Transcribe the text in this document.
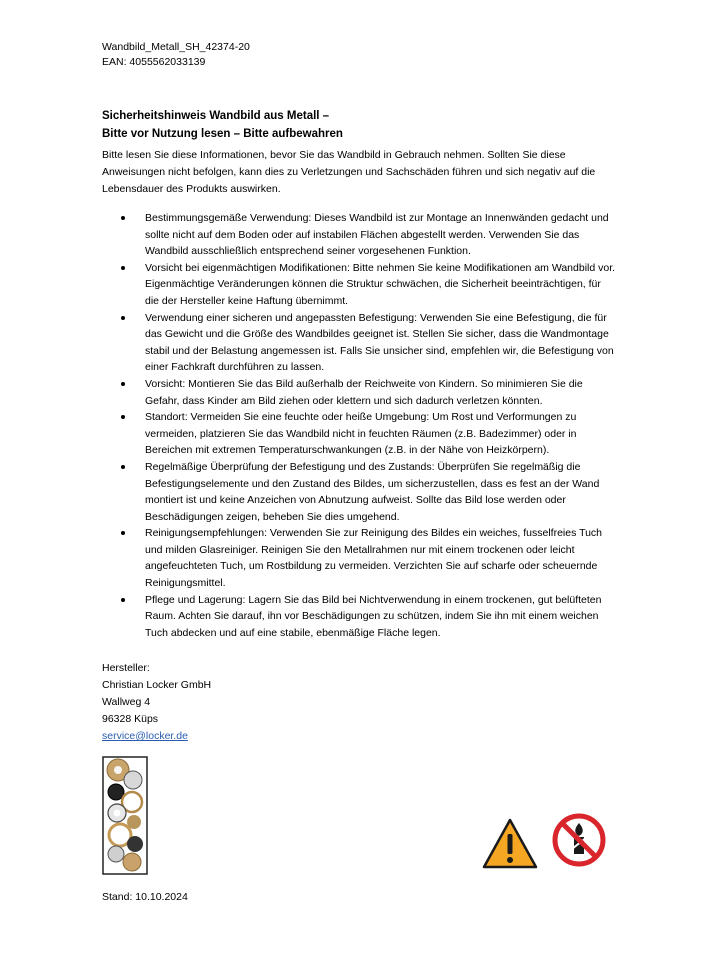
Wandbild_Metall_SH_42374-20
EAN: 4055562033139
Sicherheitshinweis Wandbild aus Metall –
Bitte vor Nutzung lesen – Bitte aufbewahren
Bitte lesen Sie diese Informationen, bevor Sie das Wandbild in Gebrauch nehmen. Sollten Sie diese Anweisungen nicht befolgen, kann dies zu Verletzungen und Sachschäden führen und sich negativ auf die Lebensdauer des Produkts auswirken.
Bestimmungsgemäße Verwendung: Dieses Wandbild ist zur Montage an Innenwänden gedacht und sollte nicht auf dem Boden oder auf instabilen Flächen abgestellt werden. Verwenden Sie das Wandbild ausschließlich entsprechend seiner vorgesehenen Funktion.
Vorsicht bei eigenmächtigen Modifikationen: Bitte nehmen Sie keine Modifikationen am Wandbild vor. Eigenmächtige Veränderungen können die Struktur schwächen, die Sicherheit beeinträchtigen, für die der Hersteller keine Haftung übernimmt.
Verwendung einer sicheren und angepassten Befestigung: Verwenden Sie eine Befestigung, die für das Gewicht und die Größe des Wandbildes geeignet ist. Stellen Sie sicher, dass die Wandmontage stabil und der Belastung angemessen ist. Falls Sie unsicher sind, empfehlen wir, die Befestigung von einer Fachkraft durchführen zu lassen.
Vorsicht: Montieren Sie das Bild außerhalb der Reichweite von Kindern. So minimieren Sie die Gefahr, dass Kinder am Bild ziehen oder klettern und sich dadurch verletzen könnten.
Standort: Vermeiden Sie eine feuchte oder heiße Umgebung: Um Rost und Verformungen zu vermeiden, platzieren Sie das Wandbild nicht in feuchten Räumen (z.B. Badezimmer) oder in Bereichen mit extremen Temperaturschwankungen (z.B. in der Nähe von Heizkörpern).
Regelmäßige Überprüfung der Befestigung und des Zustands: Überprüfen Sie regelmäßig die Befestigungselemente und den Zustand des Bildes, um sicherzustellen, dass es fest an der Wand montiert ist und keine Anzeichen von Abnutzung aufweist. Sollte das Bild lose werden oder Beschädigungen zeigen, beheben Sie dies umgehend.
Reinigungsempfehlungen: Verwenden Sie zur Reinigung des Bildes ein weiches, fusselfreies Tuch und milden Glasreiniger. Reinigen Sie den Metallrahmen nur mit einem trockenen oder leicht angefeuchteten Tuch, um Rostbildung zu vermeiden. Verzichten Sie auf scharfe oder scheuernde Reinigungsmittel.
Pflege und Lagerung: Lagern Sie das Bild bei Nichtverwendung in einem trockenen, gut belüfteten Raum. Achten Sie darauf, ihn vor Beschädigungen zu schützen, indem Sie ihn mit einem weichen Tuch abdecken und auf eine stabile, ebenmäßige Fläche legen.
Hersteller:
Christian Locker GmbH
Wallweg 4
96328 Küps
service@locker.de
Stand: 10.10.2024
